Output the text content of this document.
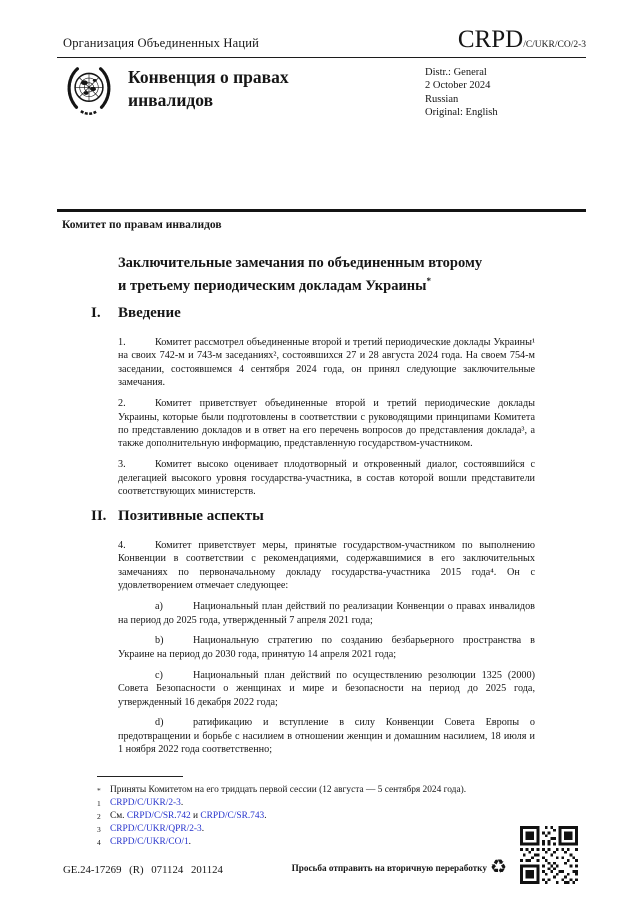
Организация Объединенных Наций	CRPD /C/UKR/CO/2-3
Конвенция о правах
инвалидов
Distr.: General
2 October 2024
Russian
Original: English
Комитет по правам инвалидов
Заключительные замечания по объединенным второму
и третьему периодическим докладам Украины*
I.	Введение

1.	Комитет рассмотрел объединенные второй и третий периодические доклады Украины¹ на своих 742-м и 743-м заседаниях², состоявшихся 27 и 28 августа 2024 года. На своем 754-м заседании, состоявшемся 4 сентября 2024 года, он принял следующие заключительные замечания.

2.	Комитет приветствует объединенные второй и третий периодические доклады Украины, которые были подготовлены в соответствии с руководящими принципами Комитета по представлению докладов и в ответ на его перечень вопросов до представления доклада³, а также дополнительную информацию, представленную государством-участником.

3.	Комитет высоко оценивает плодотворный и откровенный диалог, состоявшийся с делегацией высокого уровня государства-участника, в состав которой вошли представители соответствующих министерств.

II. Позитивные аспекты

4.	Комитет приветствует меры, принятые государством-участником по выполнению Конвенции в соответствии с рекомендациями, содержавшимися в его заключительных замечаниях по первоначальному докладу государства-участника 2015 года⁴. Он с удовлетворением отмечает следующее:

a)	Национальный план действий по реализации Конвенции о правах инвалидов на период до 2025 года, утвержденный 7 апреля 2021 года;

b)	Национальную стратегию по созданию безбарьерного пространства в Украине на период до 2030 года, принятую 14 апреля 2021 года;

c)	Национальный план действий по осуществлению резолюции 1325 (2000) Совета Безопасности о женщинах и мире и безопасности на период до 2025 года, утвержденный 16 декабря 2022 года;

d)	ратификацию и вступление в силу Конвенции Совета Европы о предотвращении и борьбе с насилием в отношении женщин и домашним насилием, 18 июля и 1 ноября 2022 года соответственно;

* Приняты Комитетом на его тридцать первой сессии (12 августа — 5 сентября 2024 года).
1 CRPD/C/UKR/2-3.
2 См. CRPD/C/SR.742 и CRPD/C/SR.743.
3 CRPD/C/UKR/QPR/2-3.
4 CRPD/C/UKR/CO/1.
GE.24-17269 (R) 071124 201124	Просьба отправить на вторичную переработку ♻
